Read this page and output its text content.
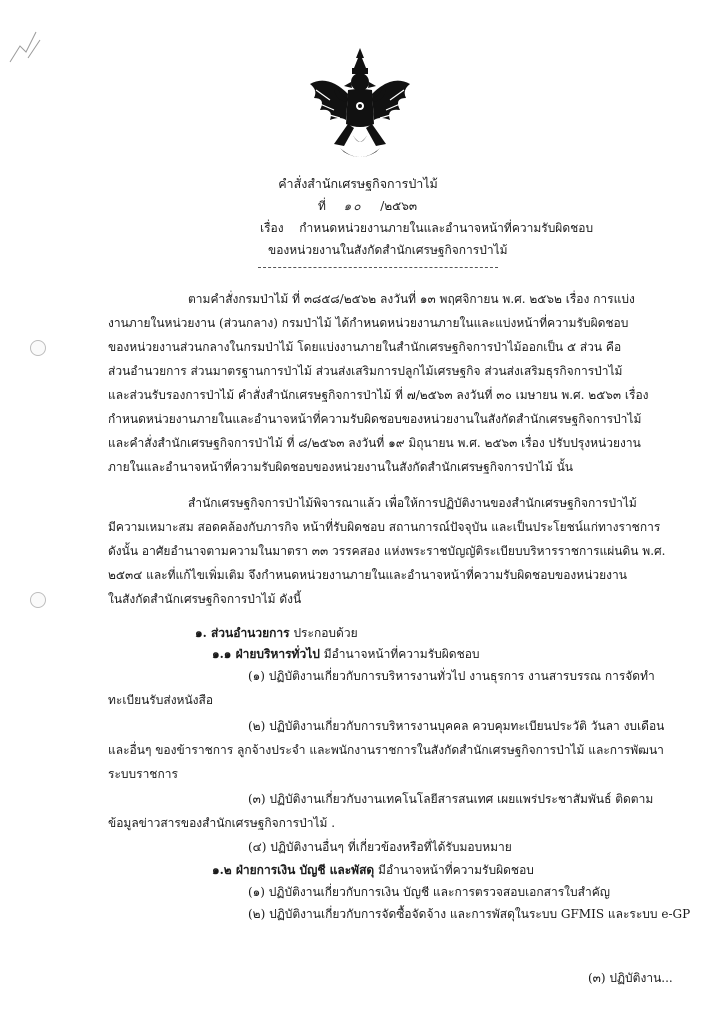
คำสั่งสำนักเศรษฐกิจการป่าไม้
ที่ ๑๐ /๒๕๖๓
เรื่อง กำหนดหน่วยงานภายในและอำนาจหน้าที่ความรับผิดชอบ
ของหน่วยงานในสังกัดสำนักเศรษฐกิจการป่าไม้
ตามคำสั่งกรมป่าไม้ ที่ ๓๘๕๘/๒๕๖๒ ลงวันที่ ๑๓ พฤศจิกายน พ.ศ. ๒๕๖๒ เรื่อง การแบ่ง
งานภายในหน่วยงาน (ส่วนกลาง) กรมป่าไม้ ได้กำหนดหน่วยงานภายในและแบ่งหน้าที่ความรับผิดชอบ
ของหน่วยงานส่วนกลางในกรมป่าไม้ โดยแบ่งงานภายในสำนักเศรษฐกิจการป่าไม้ออกเป็น ๕ ส่วน คือ
ส่วนอำนวยการ ส่วนมาตรฐานการป่าไม้ ส่วนส่งเสริมการปลูกไม้เศรษฐกิจ ส่วนส่งเสริมธุรกิจการป่าไม้
และส่วนรับรองการป่าไม้ คำสั่งสำนักเศรษฐกิจการป่าไม้ ที่ ๗/๒๕๖๓ ลงวันที่ ๓๐ เมษายน พ.ศ. ๒๕๖๓ เรื่อง
กำหนดหน่วยงานภายในและอำนาจหน้าที่ความรับผิดชอบของหน่วยงานในสังกัดสำนักเศรษฐกิจการป่าไม้
และคำสั่งสำนักเศรษฐกิจการป่าไม้ ที่ ๘/๒๕๖๓ ลงวันที่ ๑๙ มิถุนายน พ.ศ. ๒๕๖๓ เรื่อง ปรับปรุงหน่วยงาน
ภายในและอำนาจหน้าที่ความรับผิดชอบของหน่วยงานในสังกัดสำนักเศรษฐกิจการป่าไม้ นั้น
สำนักเศรษฐกิจการป่าไม้พิจารณาแล้ว เพื่อให้การปฏิบัติงานของสำนักเศรษฐกิจการป่าไม้
มีความเหมาะสม สอดคล้องกับภารกิจ หน้าที่รับผิดชอบ สถานการณ์ปัจจุบัน และเป็นประโยชน์แก่ทางราชการ
ดังนั้น อาศัยอำนาจตามความในมาตรา ๓๓ วรรคสอง แห่งพระราชบัญญัติระเบียบบริหารราชการแผ่นดิน พ.ศ.
๒๕๓๔ และที่แก้ไขเพิ่มเติม จึงกำหนดหน่วยงานภายในและอำนาจหน้าที่ความรับผิดชอบของหน่วยงาน
ในสังกัดสำนักเศรษฐกิจการป่าไม้ ดังนี้
๑. ส่วนอำนวยการ ประกอบด้วย
๑.๑ ฝ่ายบริหารทั่วไป มีอำนาจหน้าที่ความรับผิดชอบ
(๑) ปฏิบัติงานเกี่ยวกับการบริหารงานทั่วไป งานธุรการ งานสารบรรณ การจัดทำ
ทะเบียนรับส่งหนังสือ
(๒) ปฏิบัติงานเกี่ยวกับการบริหารงานบุคคล ควบคุมทะเบียนประวัติ วันลา งบเดือน
และอื่นๆ ของข้าราชการ ลูกจ้างประจำ และพนักงานราชการในสังกัดสำนักเศรษฐกิจการป่าไม้ และการพัฒนา
ระบบราชการ
(๓) ปฏิบัติงานเกี่ยวกับงานเทคโนโลยีสารสนเทศ เผยแพร่ประชาสัมพันธ์ ติดตาม
ข้อมูลข่าวสารของสำนักเศรษฐกิจการป่าไม้ .
(๔) ปฏิบัติงานอื่นๆ ที่เกี่ยวข้องหรือที่ได้รับมอบหมาย
๑.๒ ฝ่ายการเงิน บัญชี และพัสดุ มีอำนาจหน้าที่ความรับผิดชอบ
(๑) ปฏิบัติงานเกี่ยวกับการเงิน บัญชี และการตรวจสอบเอกสารใบสำคัญ
(๒) ปฏิบัติงานเกี่ยวกับการจัดซื้อจัดจ้าง และการพัสดุในระบบ GFMIS และระบบ e-GP
(๓) ปฏิบัติงาน...
